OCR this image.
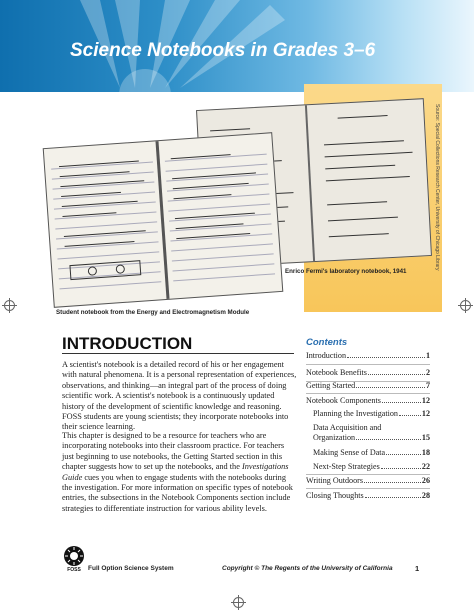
Science Notebooks in Grades 3–6
Enrico Fermi's laboratory notebook, 1941
Source: Special Collections Research Center, University of Chicago Library
Student notebook from the Energy and Electromagnetism Module
INTRODUCTION
A scientist's notebook is a detailed record of his or her engagement with natural phenomena. It is a personal representation of experiences, observations, and thinking—an integral part of the process of doing scientific work. A scientist's notebook is a continuously updated history of the development of scientific knowledge and reasoning. FOSS students are young scientists; they incorporate notebooks into their science learning.
This chapter is designed to be a resource for teachers who are incorporating notebooks into their classroom practice. For teachers just beginning to use notebooks, the Getting Started section in this chapter suggests how to set up the notebooks, and the Investigations Guide cues you when to engage students with the notebooks during the investigation. For more information on specific types of notebook entries, the subsections in the Notebook Components section include strategies to differentiate instruction for various ability levels.
Contents
Introduction	1
Notebook Benefits	2
Getting Started	7
Notebook Components	12
Planning the Investigation	12
Data Acquisition and
Organization	15
Making Sense of Data	18
Next-Step Strategies	22
Writing Outdoors	26
Closing Thoughts	28
FOSS	Full Option Science System	Copyright © The Regents of the University of California	1
